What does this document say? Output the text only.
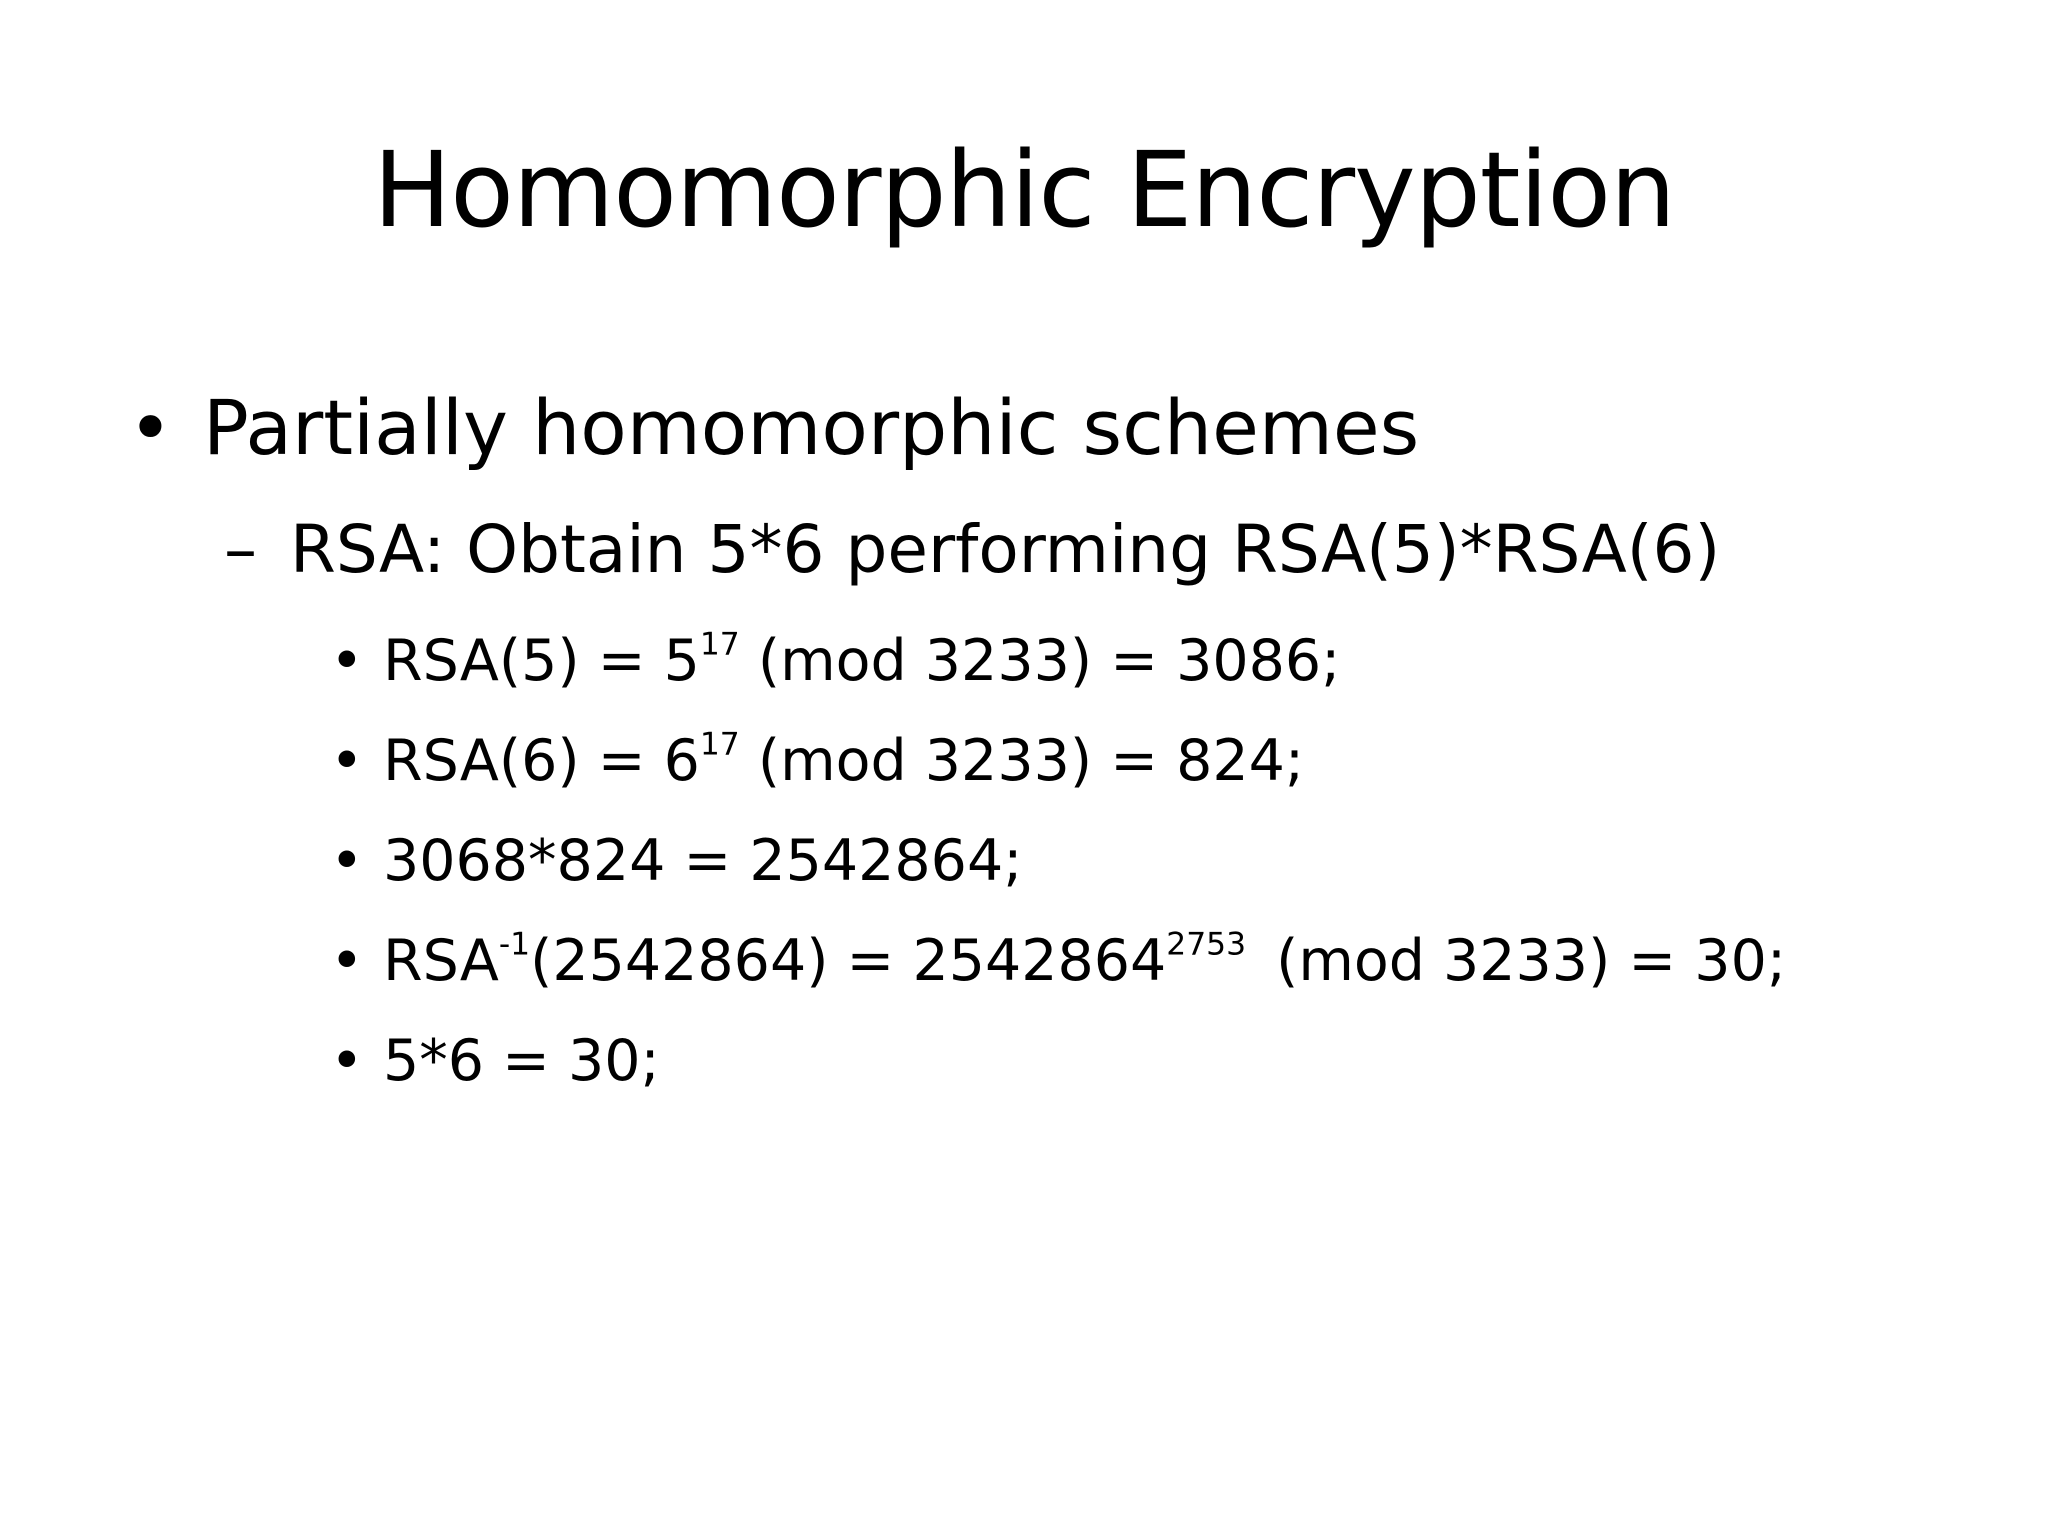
Homomorphic Encryption
• Partially homomorphic schemes
– RSA: Obtain 5*6 performing RSA(5)*RSA(6)
• $RSA(5) = 5^{17}$ (mod 3233) = 3086;
• $RSA(6) = 6^{17}$ (mod 3233) = 824;
• 3068*824 = 2542864;
• $RSA^{-1}(2542864) = 2542864^{2753}$ (mod 3233) = 30;
• 5*6 = 30;
